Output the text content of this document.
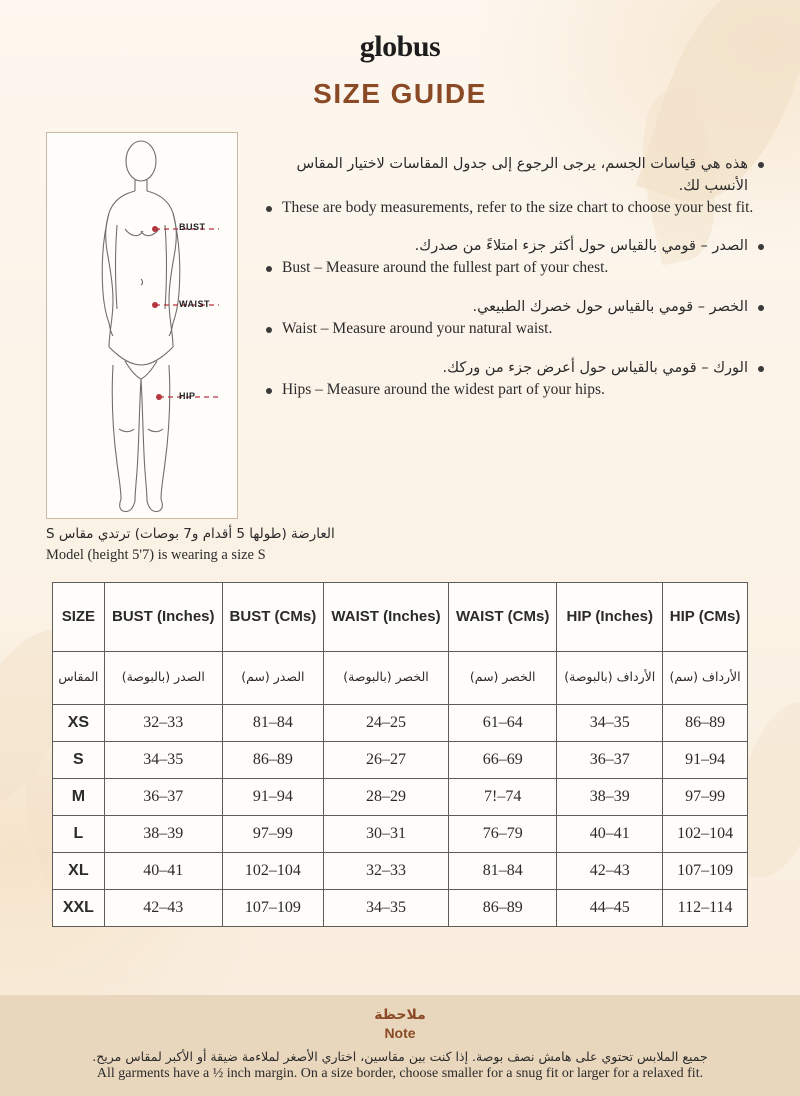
globus
SIZE GUIDE
BUST
WAIST
HIP
هذه هي قياسات الجسم، يرجى الرجوع إلى جدول المقاسات لاختيار المقاس الأنسب لك.
These are body measurements, refer to the size chart to choose your best fit.
الصدر – قومي بالقياس حول أكثر جزء امتلاءً من صدرك.
Bust – Measure around the fullest part of your chest.
الخصر – قومي بالقياس حول خصرك الطبيعي.
Waist – Measure around your natural waist.
الورك – قومي بالقياس حول أعرض جزء من وركك.
Hips – Measure around the widest part of your hips.
العارضة (طولها 5 أقدام و7 بوصات) ترتدي مقاس S
Model (height 5'7) is wearing a size S
SIZE	BUST (Inches)	BUST (CMs)	WAIST (Inches)	WAIST (CMs)	HIP (Inches)	HIP (CMs)
المقاس	الصدر (بالبوصة)	الصدر (سم)	الخصر (بالبوصة)	الخصر (سم)	الأرداف (بالبوصة)	الأرداف (سم)
XS	32–33	81–84	24–25	61–64	34–35	86–89
S	34–35	86–89	26–27	66–69	36–37	91–94
M	36–37	91–94	28–29	7!–74	38–39	97–99
L	38–39	97–99	30–31	76–79	40–41	102–104
XL	40–41	102–104	32–33	81–84	42–43	107–109
XXL	42–43	107–109	34–35	86–89	44–45	112–114
ملاحظة
Note
جميع الملابس تحتوي على هامش نصف بوصة. إذا كنت بين مقاسين، اختاري الأصغر لملاءمة ضيقة أو الأكبر لمقاس مريح.
All garments have a ½ inch margin. On a size border, choose smaller for a snug fit or larger for a relaxed fit.
